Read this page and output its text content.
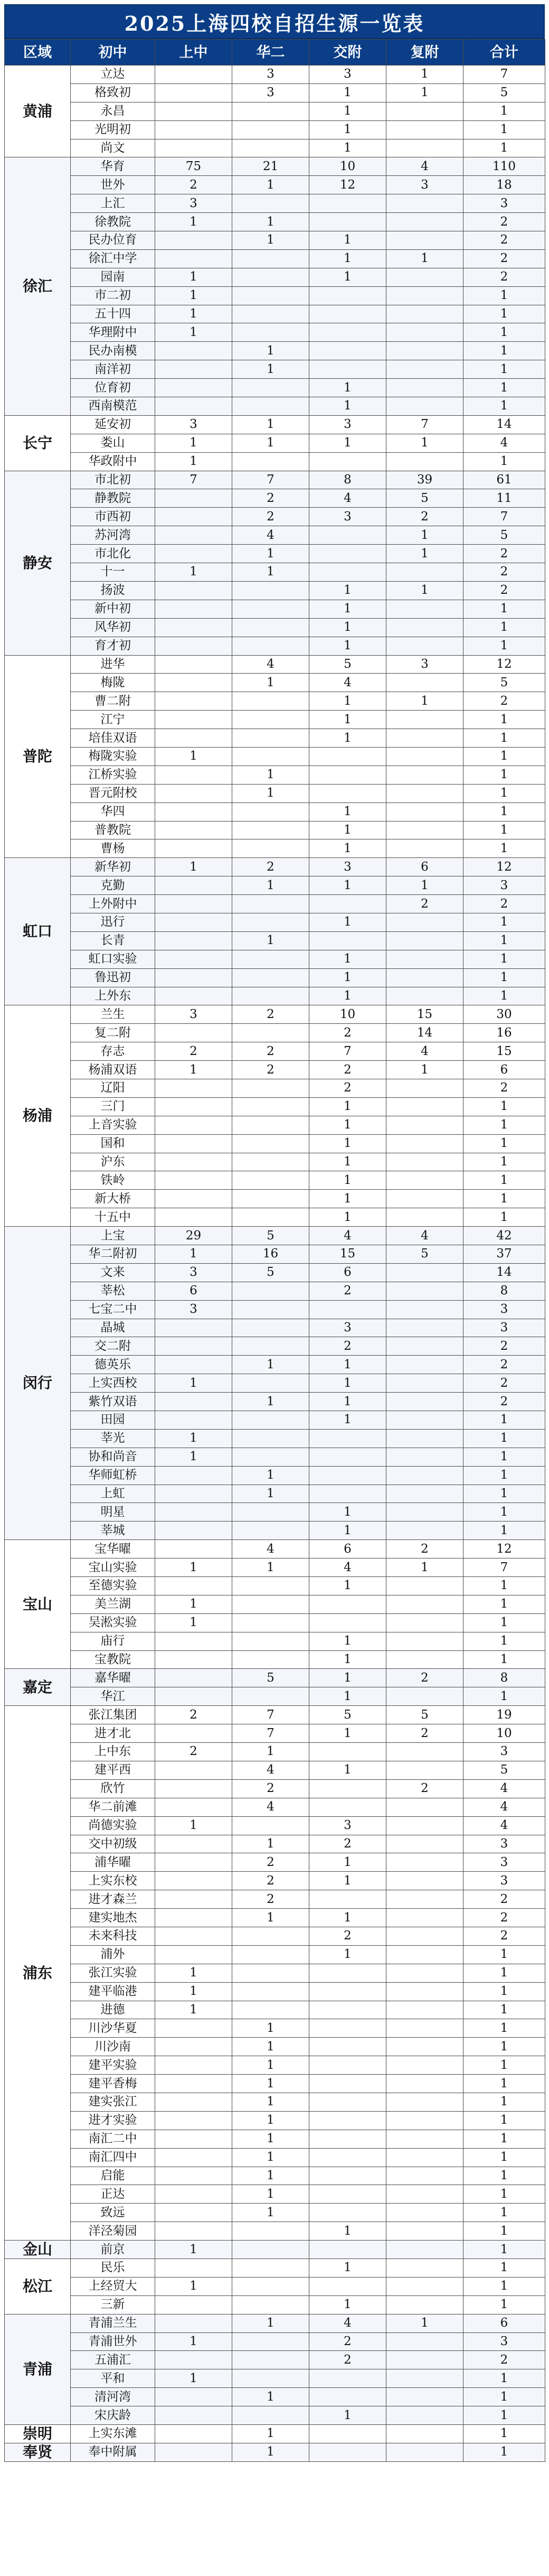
2025上海四校自招生源一览表
区域	初中	上中	华二	交附	复附	合计
黄浦	立达		3	3	1	7
	格致初		3	1	1	5
	永昌			1		1
	光明初			1		1
	尚文			1		1
徐汇	华育	75	21	10	4	110
	世外	2	1	12	3	18
	上汇	3				3
	徐教院	1	1			2
	民办位育		1	1		2
	徐汇中学			1	1	2
	园南	1		1		2
	市二初	1				1
	五十四	1				1
	华理附中	1				1
	民办南模		1			1
	南洋初		1			1
	位育初			1		1
	西南模范			1		1
长宁	延安初	3	1	3	7	14
	娄山	1	1	1	1	4
	华政附中	1				1
静安	市北初	7	7	8	39	61
	静教院		2	4	5	11
	市西初		2	3	2	7
	苏河湾		4		1	5
	市北化		1		1	2
	十一	1	1			2
	扬波			1	1	2
	新中初			1		1
	风华初			1		1
	育才初			1		1
普陀	进华		4	5	3	12
	梅陇		1	4		5
	曹二附			1	1	2
	江宁			1		1
	培佳双语			1		1
	梅陇实验	1				1
	江桥实验		1			1
	晋元附校		1			1
	华四			1		1
	普教院			1		1
	曹杨			1		1
虹口	新华初	1	2	3	6	12
	克勤		1	1	1	3
	上外附中				2	2
	迅行			1		1
	长青		1			1
	虹口实验			1		1
	鲁迅初			1		1
	上外东			1		1
杨浦	兰生	3	2	10	15	30
	复二附			2	14	16
	存志	2	2	7	4	15
	杨浦双语	1	2	2	1	6
	辽阳			2		2
	三门			1		1
	上音实验			1		1
	国和			1		1
	沪东			1		1
	铁岭			1		1
	新大桥			1		1
	十五中			1		1
闵行	上宝	29	5	4	4	42
	华二附初	1	16	15	5	37
	文来	3	5	6		14
	莘松	6		2		8
	七宝二中	3				3
	晶城			3		3
	交二附			2		2
	德英乐		1	1		2
	上实西校	1		1		2
	紫竹双语		1	1		2
	田园			1		1
	莘光	1				1
	协和尚音	1				1
	华师虹桥		1			1
	上虹		1			1
	明星			1		1
	莘城			1		1
宝山	宝华曜		4	6	2	12
	宝山实验	1	1	4	1	7
	至德实验			1		1
	美兰湖	1				1
	吴淞实验	1				1
	庙行			1		1
	宝教院			1		1
嘉定	嘉华曜		5	1	2	8
	华江			1		1
浦东	张江集团	2	7	5	5	19
	进才北		7	1	2	10
	上中东	2	1			3
	建平西		4	1		5
	欣竹		2		2	4
	华二前滩		4			4
	尚德实验	1		3		4
	交中初级		1	2		3
	浦华曜		2	1		3
	上实东校		2	1		3
	进才森兰		2			2
	建实地杰		1	1		2
	未来科技			2		2
	浦外			1		1
	张江实验	1				1
	建平临港	1				1
	进德	1				1
	川沙华夏		1			1
	川沙南		1			1
	建平实验		1			1
	建平香梅		1			1
	建实张江		1			1
	进才实验		1			1
	南汇二中		1			1
	南汇四中		1			1
	启能		1			1
	正达		1			1
	致远		1			1
	洋泾菊园			1		1
金山	前京	1				1
松江	民乐			1		1
	上经贸大	1				1
	三新			1		1
青浦	青浦兰生		1	4	1	6
	青浦世外	1		2		3
	五浦汇			2		2
	平和	1				1
	清河湾		1			1
	宋庆龄			1		1
崇明	上实东滩		1			1
奉贤	奉中附属		1			1
